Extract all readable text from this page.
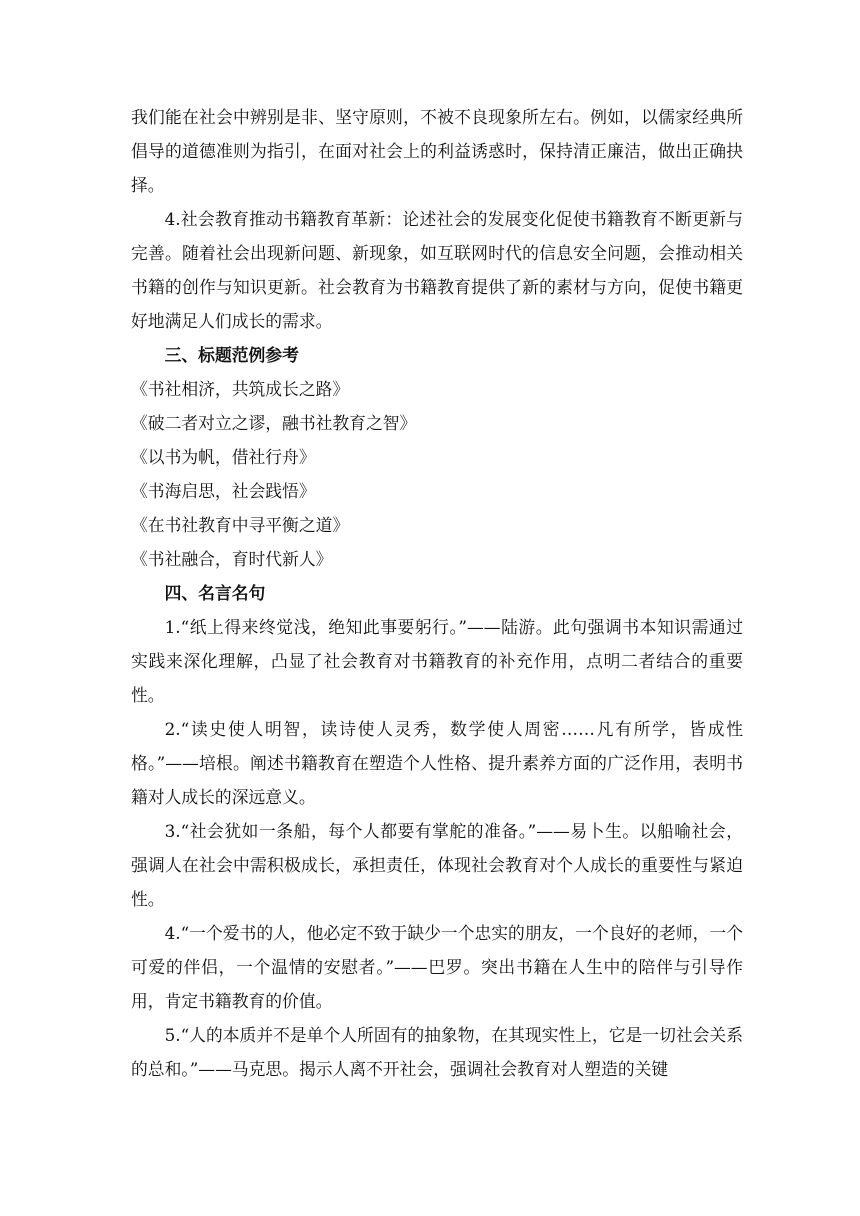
我们能在社会中辨别是非、坚守原则，不被不良现象所左右。例如，以儒家经典所倡导的道德准则为指引，在面对社会上的利益诱惑时，保持清正廉洁，做出正确抉择。

4.社会教育推动书籍教育革新：论述社会的发展变化促使书籍教育不断更新与完善。随着社会出现新问题、新现象，如互联网时代的信息安全问题，会推动相关书籍的创作与知识更新。社会教育为书籍教育提供了新的素材与方向，促使书籍更好地满足人们成长的需求。

三、标题范例参考

《书社相济，共筑成长之路》

《破二者对立之谬，融书社教育之智》

《以书为帆，借社行舟》

《书海启思，社会践悟》

《在书社教育中寻平衡之道》

《书社融合，育时代新人》

四、名言名句

1.“纸上得来终觉浅，绝知此事要躬行。”——陆游。此句强调书本知识需通过实践来深化理解，凸显了社会教育对书籍教育的补充作用，点明二者结合的重要性。

2.“读史使人明智，读诗使人灵秀，数学使人周密……凡有所学，皆成性格。”——培根。阐述书籍教育在塑造个人性格、提升素养方面的广泛作用，表明书籍对人成长的深远意义。

3.“社会犹如一条船，每个人都要有掌舵的准备。”——易卜生。以船喻社会，强调人在社会中需积极成长，承担责任，体现社会教育对个人成长的重要性与紧迫性。

4.“一个爱书的人，他必定不致于缺少一个忠实的朋友，一个良好的老师，一个可爱的伴侣，一个温情的安慰者。”——巴罗。突出书籍在人生中的陪伴与引导作用，肯定书籍教育的价值。

5.“人的本质并不是单个人所固有的抽象物，在其现实性上，它是一切社会关系的总和。”——马克思。揭示人离不开社会，强调社会教育对人塑造的关键
